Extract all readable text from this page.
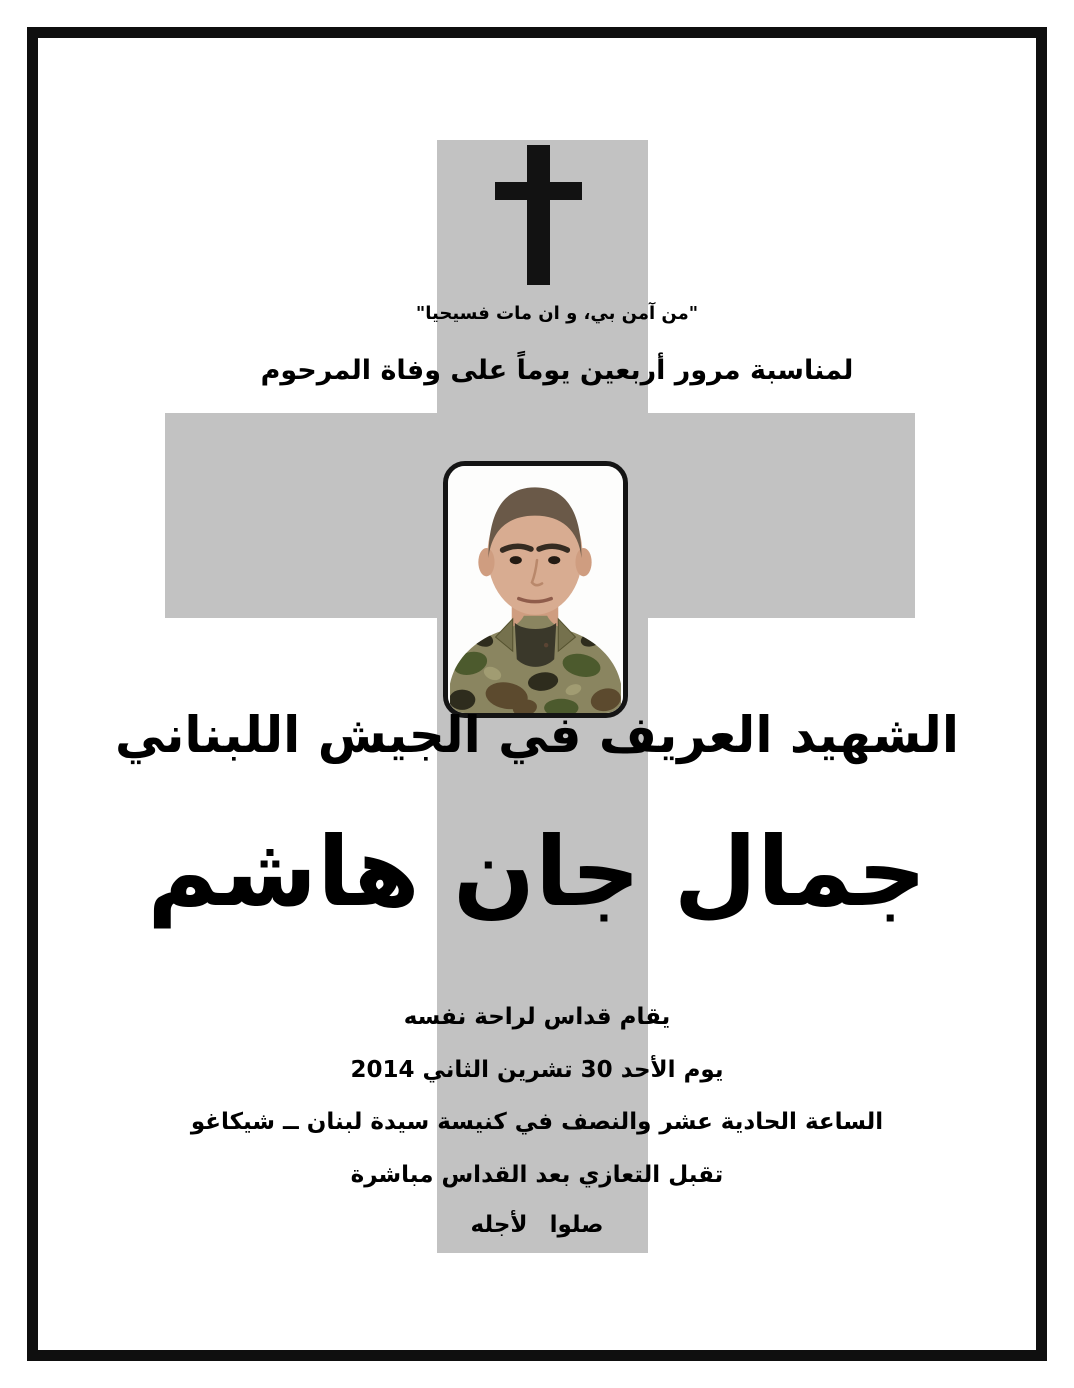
"من آمن بي، و ان مات فسيحيا"
لمناسبة مرور أربعين يوماً على وفاة المرحوم
الشهيد العريف في الجيش اللبناني
جمال جان هاشم
يقام قداس لراحة نفسه
يوم الأحد 30 تشرين الثاني 2014
الساعة الحادية عشر والنصف في كنيسة سيدة لبنان ــ شيكاغو
تقبل التعازي بعد القداس مباشرة
صلوا لأجله
